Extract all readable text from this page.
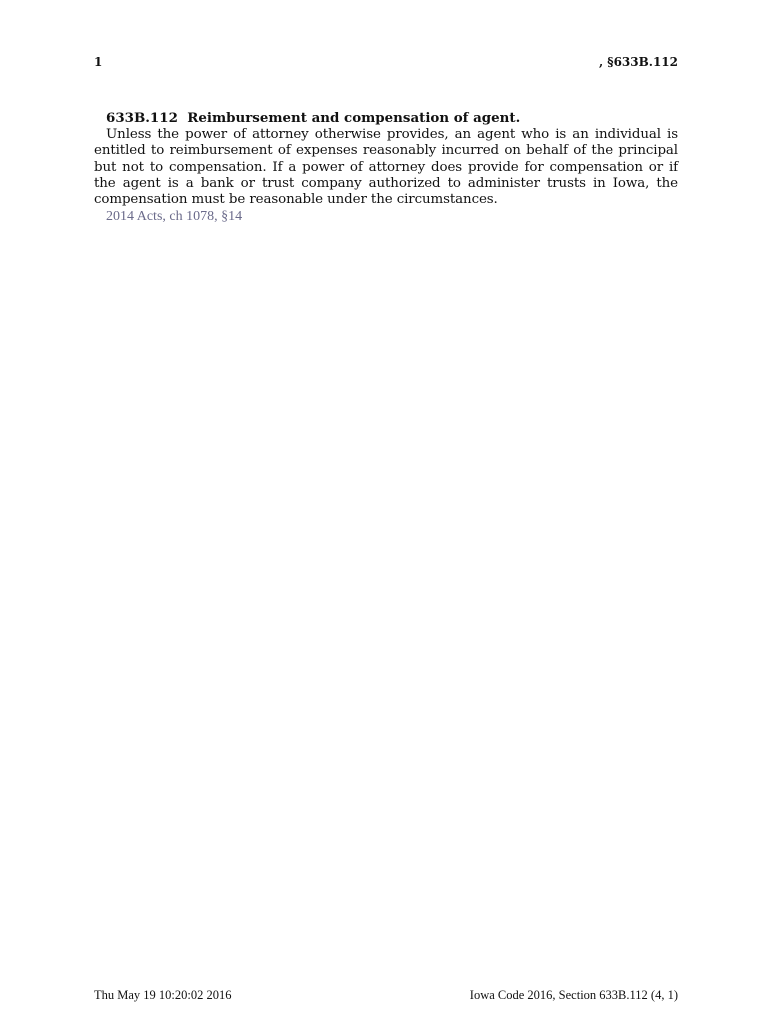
1	, §633B.112

633B.112 Reimbursement and compensation of agent.

Unless the power of attorney otherwise provides, an agent who is an individual is entitled to reimbursement of expenses reasonably incurred on behalf of the principal but not to compensation. If a power of attorney does provide for compensation or if the agent is a bank or trust company authorized to administer trusts in Iowa, the compensation must be reasonable under the circumstances.

2014 Acts, ch 1078, §14

Thu May 19 10:20:02 2016	Iowa Code 2016, Section 633B.112 (4, 1)
